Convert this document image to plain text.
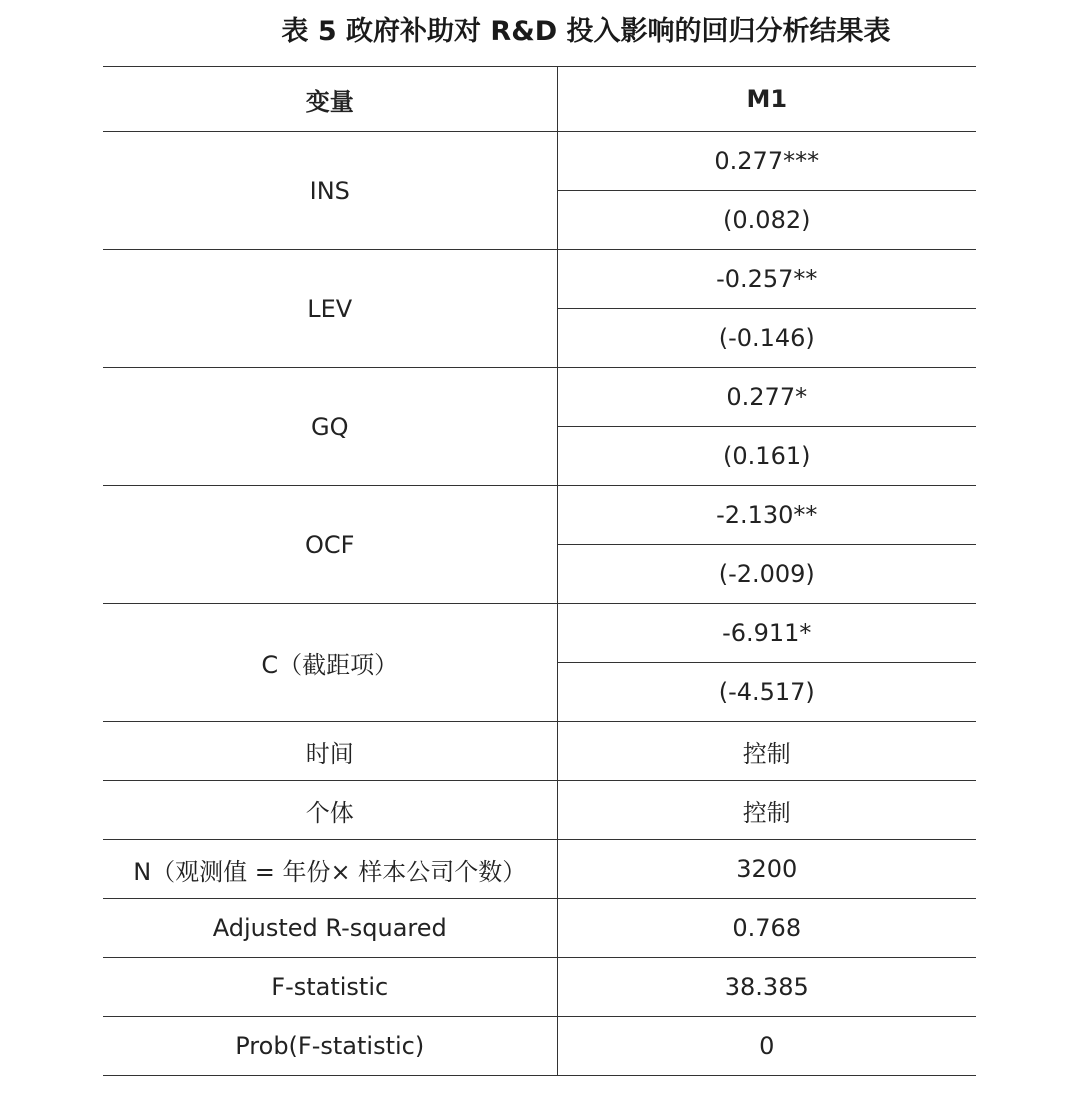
表 5 政府补助对 R&D 投入影响的回归分析结果表
变量	M1
INS	0.277***
	(0.082)
LEV	-0.257**
	(-0.146)
GQ	0.277*
	(0.161)
OCF	-2.130**
	(-2.009)
C（截距项）	-6.911*
	(-4.517)
时间	控制
个体	控制
N（观测值 = 年份× 样本公司个数）	3200
Adjusted R-squared	0.768
F-statistic	38.385
Prob(F-statistic)	0
